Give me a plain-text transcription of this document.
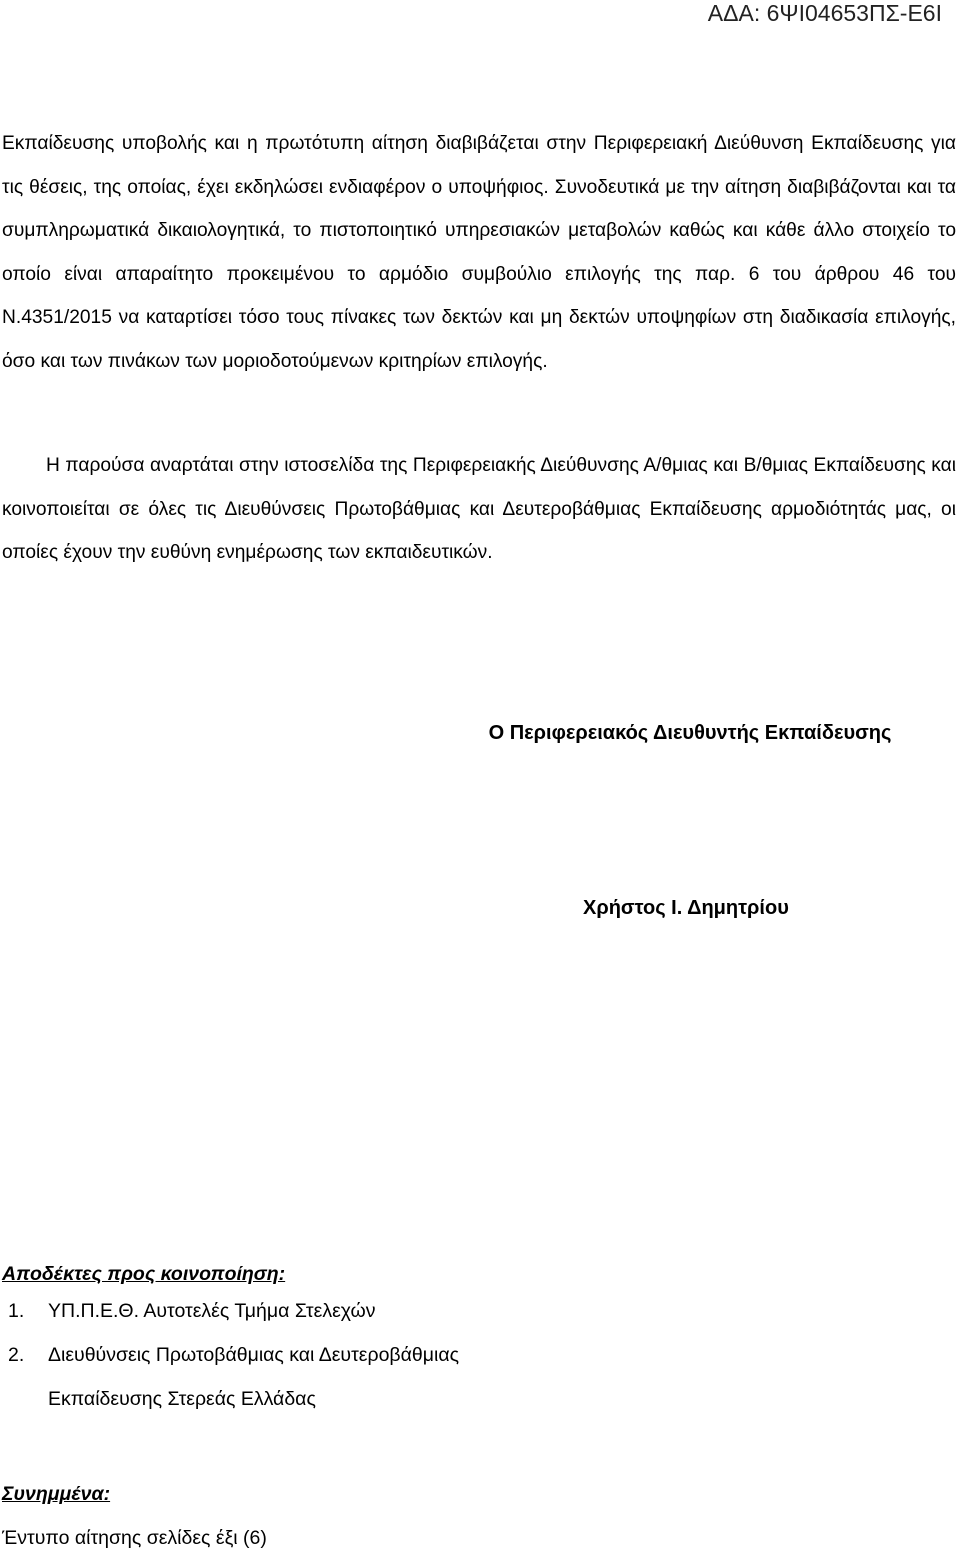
ΑΔΑ: 6ΨΙ04653ΠΣ-Ε6Ι
Εκπαίδευσης υποβολής και η πρωτότυπη αίτηση διαβιβάζεται στην Περιφερειακή Διεύθυνση Εκπαίδευσης για τις θέσεις, της οποίας, έχει εκδηλώσει ενδιαφέρον ο υποψήφιος. Συνοδευτικά με την αίτηση διαβιβάζονται και τα συμπληρωματικά δικαιολογητικά, το πιστοποιητικό υπηρεσιακών μεταβολών καθώς και κάθε άλλο στοιχείο το οποίο είναι απαραίτητο προκειμένου το αρμόδιο συμβούλιο επιλογής της παρ. 6 του άρθρου 46 του Ν.4351/2015 να καταρτίσει τόσο τους πίνακες των δεκτών και μη δεκτών υποψηφίων στη διαδικασία επιλογής, όσο και των πινάκων των μοριοδοτούμενων κριτηρίων επιλογής.
Η παρούσα αναρτάται στην ιστοσελίδα της Περιφερειακής Διεύθυνσης Α/θμιας και Β/θμιας Εκπαίδευσης και κοινοποιείται σε όλες τις Διευθύνσεις Πρωτοβάθμιας και Δευτεροβάθμιας Εκπαίδευσης αρμοδιότητάς μας, οι οποίες έχουν την ευθύνη ενημέρωσης των εκπαιδευτικών.
Ο Περιφερειακός Διευθυντής Εκπαίδευσης
Χρήστος Ι. Δημητρίου
Αποδέκτες προς κοινοποίηση:
1. ΥΠ.Π.Ε.Θ. Αυτοτελές Τμήμα Στελεχών
2. Διευθύνσεις Πρωτοβάθμιας και Δευτεροβάθμιας
Εκπαίδευσης Στερεάς Ελλάδας
Συνημμένα:
Έντυπο αίτησης σελίδες έξι (6)
